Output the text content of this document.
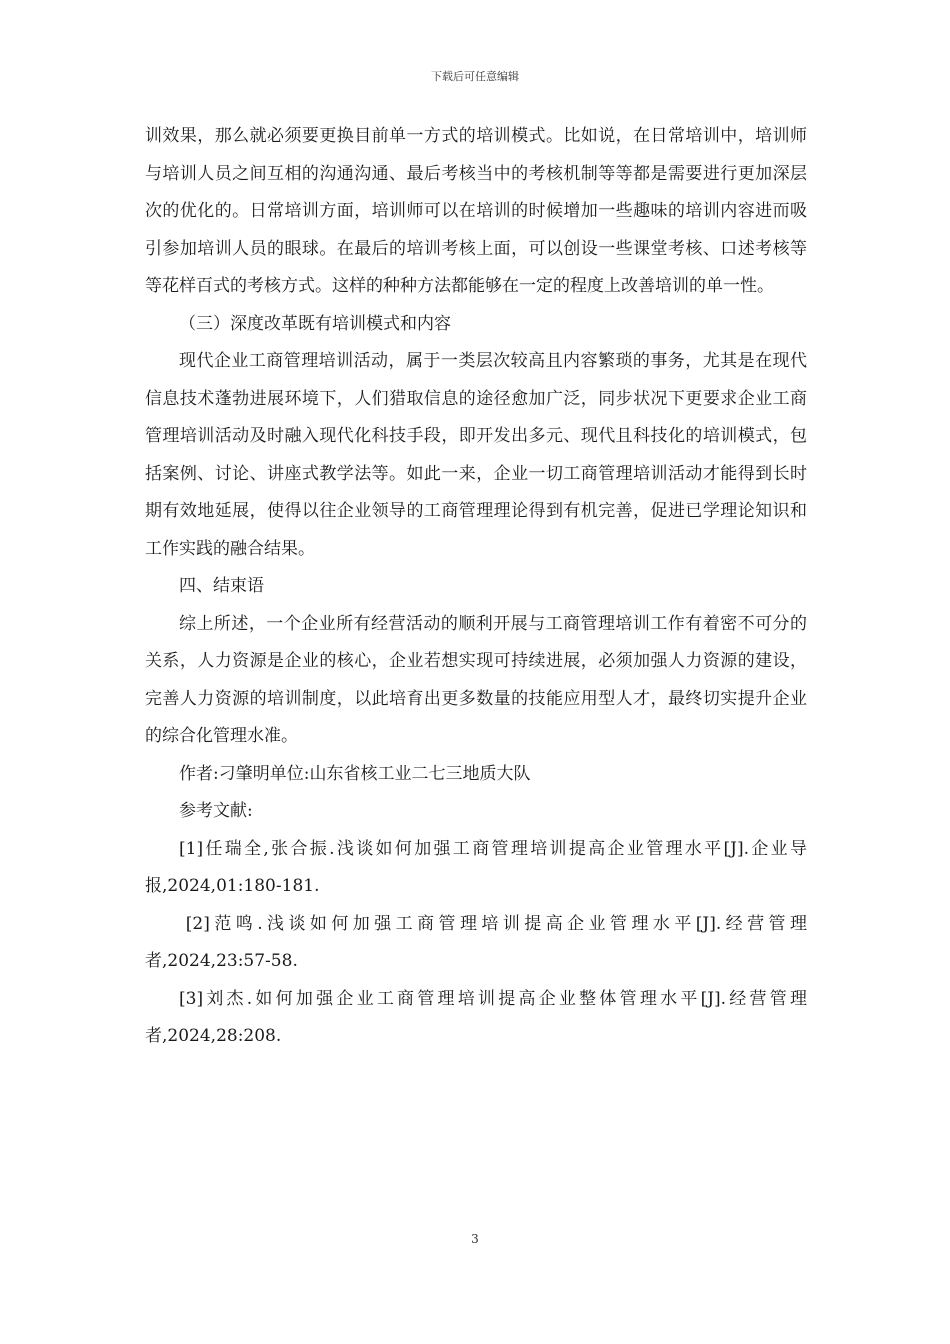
下载后可任意编辑

训效果，那么就必须要更换目前单一方式的培训模式。比如说，在日常培训中，培训师与培训人员之间互相的沟通沟通、最后考核当中的考核机制等等都是需要进行更加深层次的优化的。日常培训方面，培训师可以在培训的时候增加一些趣味的培训内容进而吸引参加培训人员的眼球。在最后的培训考核上面，可以创设一些课堂考核、口述考核等等花样百式的考核方式。这样的种种方法都能够在一定的程度上改善培训的单一性。

（三）深度改革既有培训模式和内容

现代企业工商管理培训活动，属于一类层次较高且内容繁琐的事务，尤其是在现代信息技术蓬勃进展环境下，人们猎取信息的途径愈加广泛，同步状况下更要求企业工商管理培训活动及时融入现代化科技手段，即开发出多元、现代且科技化的培训模式，包括案例、讨论、讲座式教学法等。如此一来，企业一切工商管理培训活动才能得到长时期有效地延展，使得以往企业领导的工商管理理论得到有机完善，促进已学理论知识和工作实践的融合结果。

四、结束语

综上所述，一个企业所有经营活动的顺利开展与工商管理培训工作有着密不可分的关系，人力资源是企业的核心，企业若想实现可持续进展，必须加强人力资源的建设，完善人力资源的培训制度，以此培育出更多数量的技能应用型人才，最终切实提升企业的综合化管理水准。

作者:刁肇明单位:山东省核工业二七三地质大队

参考文献:

[1]任瑞全,张合振.浅谈如何加强工商管理培训提高企业管理水平[J].企业导报,2024,01:180-181.

[2]范鸣.浅谈如何加强工商管理培训提高企业管理水平[J].经营管理者,2024,23:57-58.

[3]刘杰.如何加强企业工商管理培训提高企业整体管理水平[J].经营管理者,2024,28:208.

3
